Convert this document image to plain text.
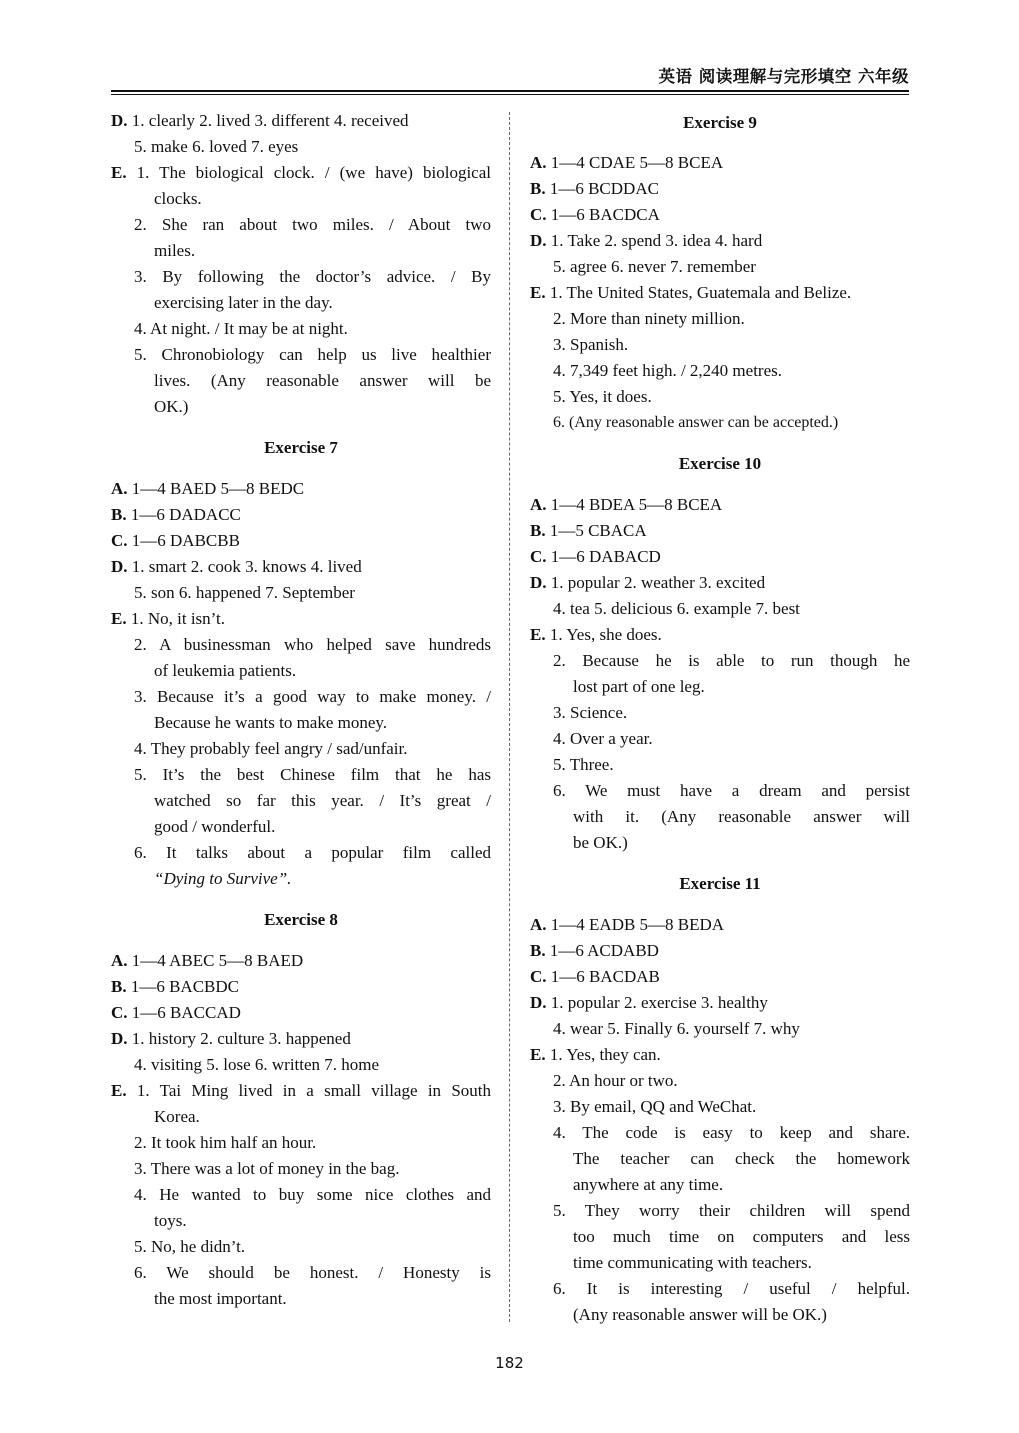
英语 阅读理解与完形填空 六年级
D. 1. clearly 2. lived 3. different 4. received
5. make 6. loved 7. eyes
E. 1. The biological clock. / (we have) biological
clocks.
2. She ran about two miles. / About two
miles.
3. By following the doctor’s advice. / By
exercising later in the day.
4. At night. / It may be at night.
5. Chronobiology can help us live healthier
lives. (Any reasonable answer will be
OK.)
Exercise 7
A. 1—4 BAED 5—8 BEDC
B. 1—6 DADACC
C. 1—6 DABCBB
D. 1. smart 2. cook 3. knows 4. lived
5. son 6. happened 7. September
E. 1. No, it isn’t.
2. A businessman who helped save hundreds
of leukemia patients.
3. Because it’s a good way to make money. /
Because he wants to make money.
4. They probably feel angry / sad/unfair.
5. It’s the best Chinese film that he has
watched so far this year. / It’s great /
good / wonderful.
6. It talks about a popular film called
“Dying to Survive”.
Exercise 8
A. 1—4 ABEC 5—8 BAED
B. 1—6 BACBDC
C. 1—6 BACCAD
D. 1. history 2. culture 3. happened
4. visiting 5. lose 6. written 7. home
E. 1. Tai Ming lived in a small village in South
Korea.
2. It took him half an hour.
3. There was a lot of money in the bag.
4. He wanted to buy some nice clothes and
toys.
5. No, he didn’t.
6. We should be honest. / Honesty is
the most important.
Exercise 9
A. 1—4 CDAE 5—8 BCEA
B. 1—6 BCDDAC
C. 1—6 BACDCA
D. 1. Take 2. spend 3. idea 4. hard
5. agree 6. never 7. remember
E. 1. The United States, Guatemala and Belize.
2. More than ninety million.
3. Spanish.
4. 7,349 feet high. / 2,240 metres.
5. Yes, it does.
6. (Any reasonable answer can be accepted.)
Exercise 10
A. 1—4 BDEA 5—8 BCEA
B. 1—5 CBACA
C. 1—6 DABACD
D. 1. popular 2. weather 3. excited
4. tea 5. delicious 6. example 7. best
E. 1. Yes, she does.
2. Because he is able to run though he
lost part of one leg.
3. Science.
4. Over a year.
5. Three.
6. We must have a dream and persist
with it. (Any reasonable answer will
be OK.)
Exercise 11
A. 1—4 EADB 5—8 BEDA
B. 1—6 ACDABD
C. 1—6 BACDAB
D. 1. popular 2. exercise 3. healthy
4. wear 5. Finally 6. yourself 7. why
E. 1. Yes, they can.
2. An hour or two.
3. By email, QQ and WeChat.
4. The code is easy to keep and share.
The teacher can check the homework
anywhere at any time.
5. They worry their children will spend
too much time on computers and less
time communicating with teachers.
6. It is interesting / useful / helpful.
(Any reasonable answer will be OK.)
182
